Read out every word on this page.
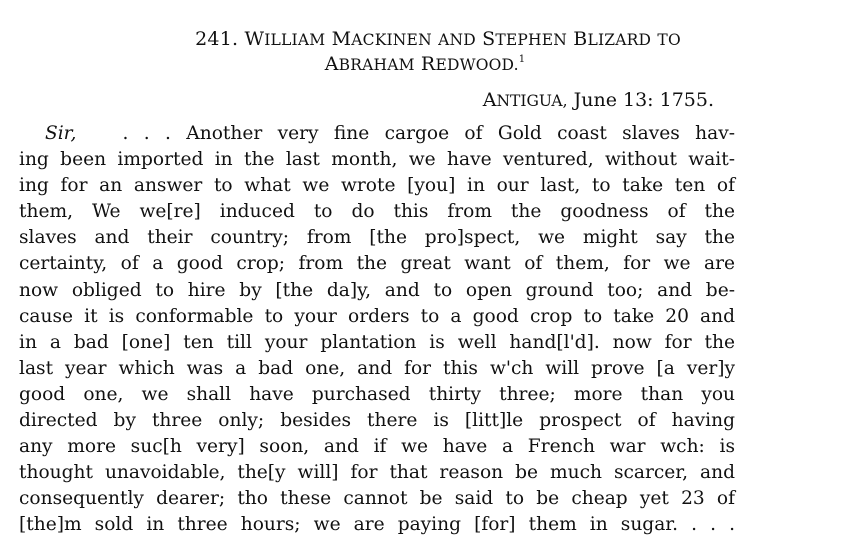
241. WILLIAM MACKINEN AND STEPHEN BLIZARD TO
ABRAHAM REDWOOD.$^1$
ANTIGUA, June 13: 1755.
Sir, . . . Another very fine cargoe of Gold coast slaves hav-
ing been imported in the last month, we have ventured, without wait-
ing for an answer to what we wrote [you] in our last, to take ten of
them, We we[re] induced to do this from the goodness of the
slaves and their country; from [the pro]spect, we might say the
certainty, of a good crop; from the great want of them, for we are
now obliged to hire by [the da]y, and to open ground too; and be-
cause it is conformable to your orders to a good crop to take 20 and
in a bad [one] ten till your plantation is well hand[l'd]. now for the
last year which was a bad one, and for this w'ch will prove [a ver]y
good one, we shall have purchased thirty three; more than you
directed by three only; besides there is [litt]le prospect of having
any more suc[h very] soon, and if we have a French war wch: is
thought unavoidable, the[y will] for that reason be much scarcer, and
consequently dearer; tho these cannot be said to be cheap yet 23 of
[the]m sold in three hours; we are paying [for] them in sugar. . . .
